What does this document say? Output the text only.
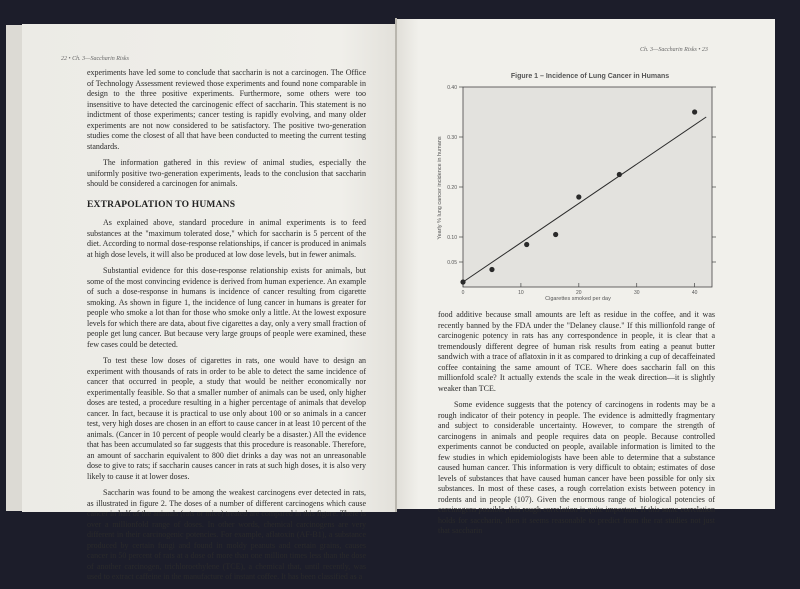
22 • Ch. 3—Saccharin Risks
Ch. 3—Saccharin Risks • 23

experiments have led some to conclude that saccharin is not a carcinogen. The Office of Technology Assessment reviewed those experiments and found none comparable in design to the three positive experiments. Furthermore, some others were too insensitive to have detected the carcinogenic effect of saccharin. This statement is no indictment of those experiments; cancer testing is rapidly evolving, and many older experiments are not now considered to be satisfactory. The positive two-generation studies come the closest of all that have been conducted to meeting the current testing standards.

The information gathered in this review of animal studies, especially the uniformly positive two-generation experiments, leads to the conclusion that saccharin should be considered a carcinogen for animals.

EXTRAPOLATION TO HUMANS

As explained above, standard procedure in animal experiments is to feed substances at the "maximum tolerated dose," which for saccharin is 5 percent of the diet. According to normal dose-response relationships, if cancer is produced in animals at high dose levels, it will also be produced at low dose levels, but in fewer animals.

Substantial evidence for this dose-response relationship exists for animals, but some of the most convincing evidence is derived from human experience. An example of such a dose-response in humans is incidence of cancer resulting from cigarette smoking. As shown in figure 1, the incidence of lung cancer in humans is greater for people who smoke a lot than for those who smoke only a little. At the lowest exposure levels for which there are data, about five cigarettes a day, only a very small fraction of people get lung cancer. But because very large groups of people were examined, these few cases could be detected.

To test these low doses of cigarettes in rats, one would have to design an experiment with thousands of rats in order to be able to detect the same incidence of cancer that occurred in people, a study that would be neither economically nor experimentally feasible. So that a smaller number of animals can be used, only higher doses are tested, a procedure resulting in a higher percentage of animals that develop cancer. In fact, because it is practical to use only about 100 or so animals in a cancer test, very high doses are chosen in an effort to cause cancer in at least 10 percent of the animals. (Cancer in 10 percent of people would clearly be a disaster.) All the evidence that has been accumulated so far suggests that this procedure is reasonable. Therefore, an amount of saccharin equivalent to 800 diet drinks a day was not an unreasonable dose to give to rats; if saccharin causes cancer in rats at such high doses, it is also very likely to cause it at lower doses.

Saccharin was found to be among the weakest carcinogens ever detected in rats, as illustrated in figure 2. The doses of a number of different carcinogens which cause cancer in half of the animals (rats or mice) treated are compared in this figure. There is over a millionfold range of doses. In other words, chemical carcinogens are very different in their carcinogenic potencies. For example, aflatoxin (AF-B1), a substance produced by certain fungi and found in moldy peanuts and certain grains, causes cancer in 50 percent of rats at a dose of more than one million times less than the dose of another carcinogen, trichloroethylene (TCE), a chemical that, until recently, was used to extract caffeine in the manufacture of instant coffee. It has been classified as a

food additive because small amounts are left as residue in the coffee, and it was recently banned by the FDA under the "Delaney clause." If this millionfold range of carcinogenic potency in rats has any correspondence in people, it is clear that a tremendously different degree of human risk results from eating a peanut butter sandwich with a trace of aflatoxin in it as compared to drinking a cup of decaffeinated coffee containing the same amount of TCE. Where does saccharin fall on this millionfold scale? It actually extends the scale in the weak direction—it is slightly weaker than TCE.

Some evidence suggests that the potency of carcinogens in rodents may be a rough indicator of their potency in people. The evidence is admittedly fragmentary and subject to considerable uncertainty. However, to compare the strength of carcinogens in animals and people requires data on people. Because controlled experiments cannot be conducted on people, available information is limited to the few studies in which epidemiologists have been able to determine that a substance caused human cancer. This information is very difficult to obtain; estimates of dose levels of substances that have caused human cancer have been possible for only six substances. In most of these cases, a rough correlation exists between potency in rodents and in people (107). Given the enormous range of biological potencies of carcinogens possible, this rough correlation is quite important. If this same correlation holds for saccharin, then it seems reasonable to predict from the rat studies not just that saccharin

Figure 1 – Incidence of Lung Cancer in Humans
Yearly % lung cancer incidence in humans
Cigarettes smoked per day
0.05
0.10
0.20
0.30
0.40
0	10	20	30	40
